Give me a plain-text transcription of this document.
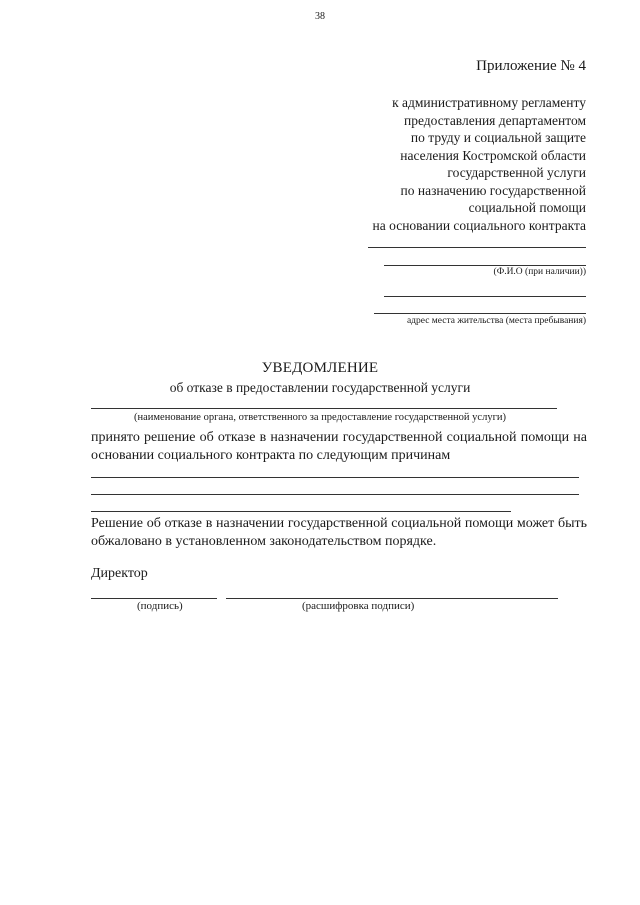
38
Приложение № 4
к административному регламенту
предоставления департаментом
по труду и социальной защите
населения Костромской области
государственной услуги
по назначению государственной
социальной помощи
на основании социального контракта
(Ф.И.О (при наличии))
адрес места жительства (места пребывания)
УВЕДОМЛЕНИЕ
об отказе в предоставлении государственной услуги
(наименование органа, ответственного за предоставление государственной услуги)
принято решение об отказе в назначении государственной социальной помощи на основании социального контракта по следующим причинам
Решение об отказе в назначении государственной социальной помощи может быть обжаловано в установленном законодательством порядке.
Директор
(подпись)	(расшифровка подписи)
